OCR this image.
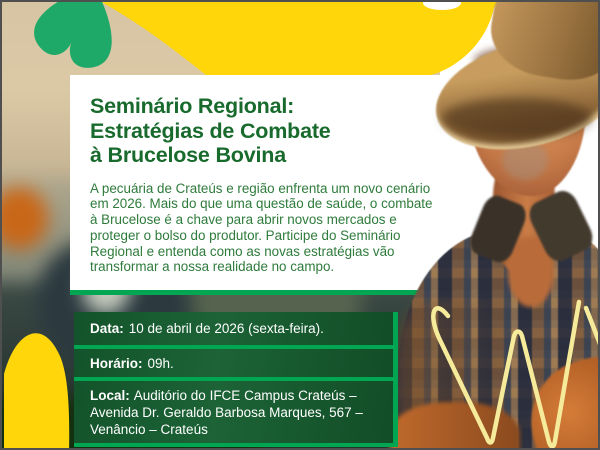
Seminário Regional:
Estratégias de Combate
à Brucelose Bovina
A pecuária de Crateús e região enfrenta um novo cenário em 2026. Mais do que uma questão de saúde, o combate à Brucelose é a chave para abrir novos mercados e proteger o bolso do produtor. Participe do Seminário Regional e entenda como as novas estratégias vão transformar a nossa realidade no campo.
Data: 10 de abril de 2026 (sexta-feira).
Horário: 09h.
Local: Auditório do IFCE Campus Crateús – Avenida Dr. Geraldo Barbosa Marques, 567 – Venâncio – Crateús
